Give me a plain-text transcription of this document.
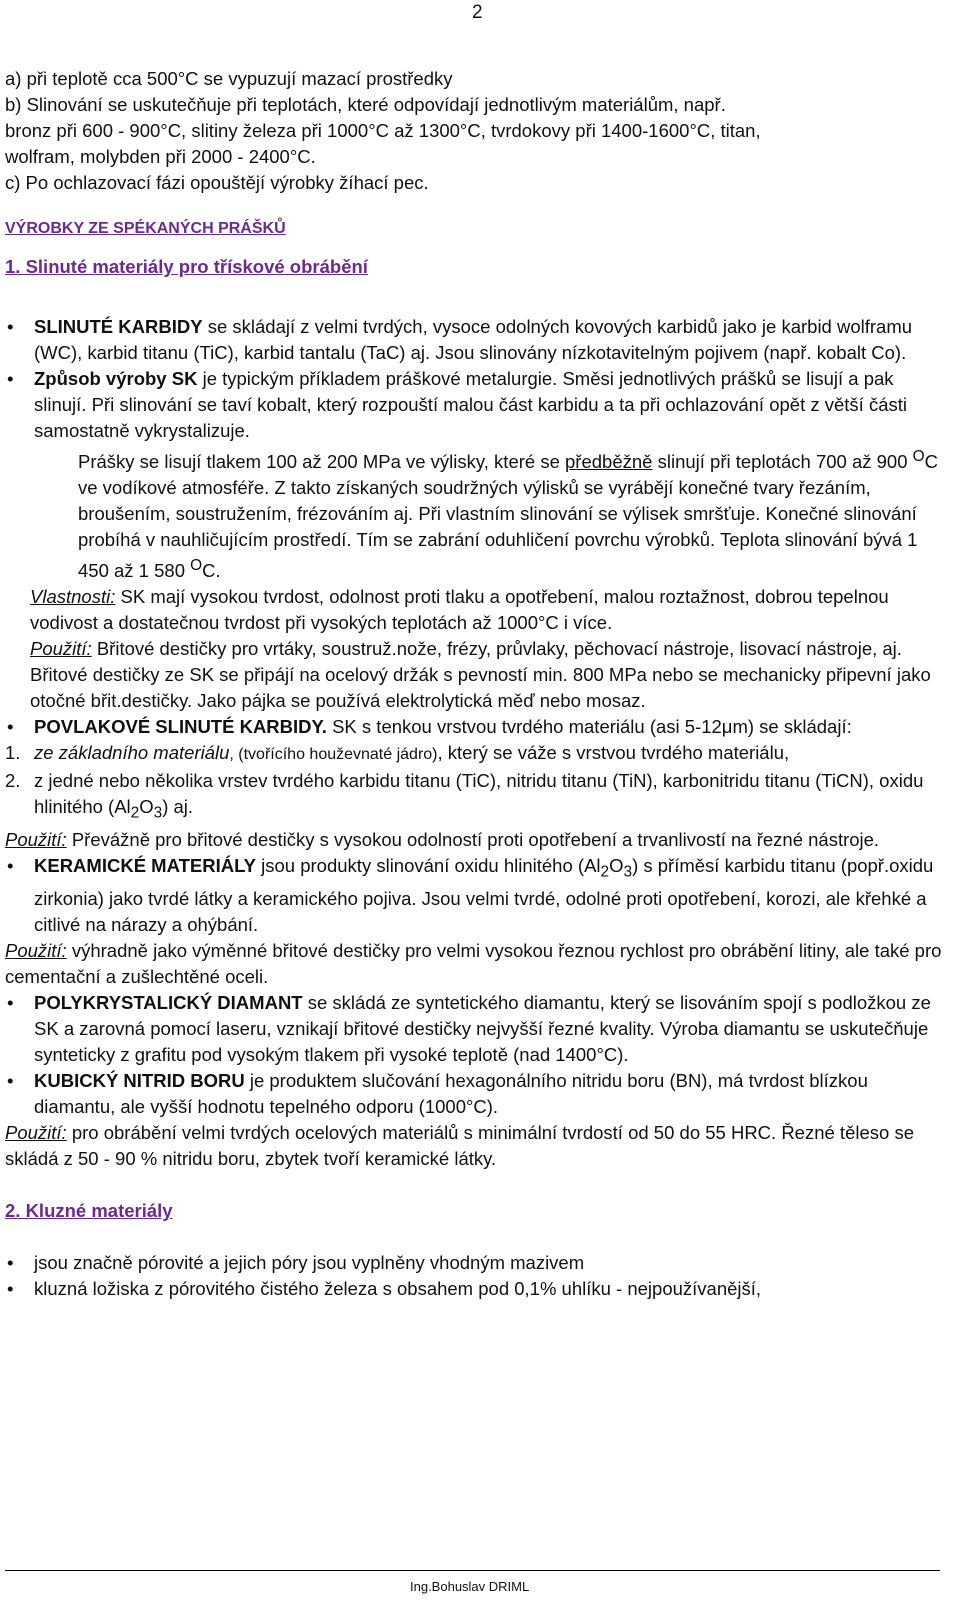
2

a) při teplotě cca 500°C se vypuzují mazací prostředky

b) Slinování se uskutečňuje při teplotách, které odpovídají jednotlivým materiálům, např.

bronz při 600 - 900°C, slitiny železa při 1000°C až 1300°C, tvrdokovy při 1400-1600°C, titan,

wolfram, molybden při 2000 - 2400°C.

c) Po ochlazovací fázi opouštějí výrobky žíhací pec.

VÝROBKY ZE SPÉKANÝCH PRÁŠKŮ

1. Slinuté materiály pro třískové obrábění

• SLINUTÉ KARBIDY se skládají z velmi tvrdých, vysoce odolných kovových karbidů jako je karbid wolframu (WC), karbid titanu (TiC), karbid tantalu (TaC) aj. Jsou slinovány nízkotavitelným pojivem (např. kobalt Co).

• Způsob výroby SK je typickým příkladem práškové metalurgie. Směsi jednotlivých prášků se lisují a pak slinují. Při slinování se taví kobalt, který rozpouští malou část karbidu a ta při ochlazování opět z větší části samostatně vykrystalizuje.

Prášky se lisují tlakem 100 až 200 MPa ve výlisky, které se předběžně slinují při teplotách 700 až 900 $^O$C ve vodíkové atmosféře. Z takto získaných soudržných výlisků se vyrábějí konečné tvary řezáním, broušením, soustružením, frézováním aj. Při vlastním slinování se výlisek smršťuje. Konečné slinování probíhá v nauhličujícím prostředí. Tím se zabrání oduhličení povrchu výrobků. Teplota slinování bývá 1 450 až 1 580 $^O$C.

Vlastnosti: SK mají vysokou tvrdost, odolnost proti tlaku a opotřebení, malou roztažnost, dobrou tepelnou vodivost a dostatečnou tvrdost při vysokých teplotách až 1000°C i více.

Použití: Břitové destičky pro vrtáky, soustruž.nože, frézy, průvlaky, pěchovací nástroje, lisovací nástroje, aj. Břitové destičky ze SK se připájí na ocelový držák s pevností min. 800 MPa nebo se mechanicky připevní jako otočné břit.destičky. Jako pájka se používá elektrolytická měď nebo mosaz.

• POVLAKOVÉ SLINUTÉ KARBIDY. SK s tenkou vrstvou tvrdého materiálu (asi 5-12μm) se skládají:

1. ze základního materiálu, (tvořícího houževnaté jádro), který se váže s vrstvou tvrdého materiálu,

2. z jedné nebo několika vrstev tvrdého karbidu titanu (TiC), nitridu titanu (TiN), karbonitridu titanu (TiCN), oxidu hlinitého $(Al_2O_3)$ aj.

Použití: Převážně pro břitové destičky s vysokou odolností proti opotřebení a trvanlivostí na řezné nástroje.

• KERAMICKÉ MATERIÁLY jsou produkty slinování oxidu hlinitého $(Al_2O_3)$ s příměsí karbidu titanu (popř.oxidu zirkonia) jako tvrdé látky a keramického pojiva. Jsou velmi tvrdé, odolné proti opotřebení, korozi, ale křehké a citlivé na nárazy a ohýbání.

Použití: výhradně jako výměnné břitové destičky pro velmi vysokou řeznou rychlost pro obrábění litiny, ale také pro cementační a zušlechtěné oceli.

• POLYKRYSTALICKÝ DIAMANT se skládá ze syntetického diamantu, který se lisováním spojí s podložkou ze SK a zarovná pomocí laseru, vznikají břitové destičky nejvyšší řezné kvality. Výroba diamantu se uskutečňuje synteticky z grafitu pod vysokým tlakem při vysoké teplotě (nad 1400°C).

• KUBICKÝ NITRID BORU je produktem slučování hexagonálního nitridu boru (BN), má tvrdost blízkou diamantu, ale vyšší hodnotu tepelného odporu (1000°C).

Použití: pro obrábění velmi tvrdých ocelových materiálů s minimální tvrdostí od 50 do 55 HRC. Řezné těleso se skládá z 50 - 90 % nitridu boru, zbytek tvoří keramické látky.

2. Kluzné materiály

• jsou značně pórovité a jejich póry jsou vyplněny vhodným mazivem

• kluzná ložiska z pórovitého čistého železa s obsahem pod 0,1% uhlíku - nejpoužívanější,

Ing.Bohuslav DRIML
